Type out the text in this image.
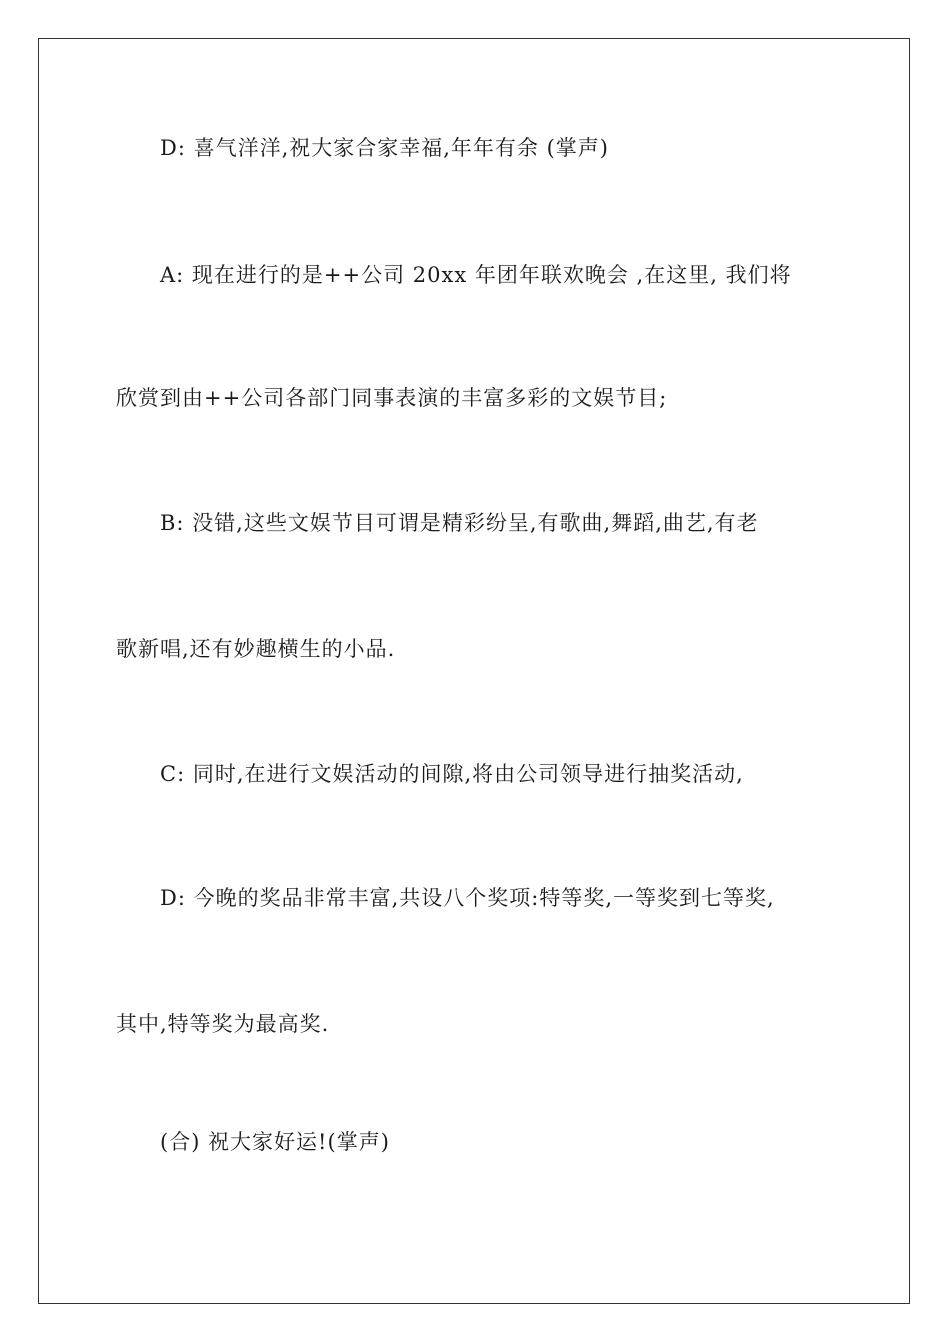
D: 喜气洋洋,祝大家合家幸福,年年有余 (掌声)
A: 现在进行的是++公司 20xx 年团年联欢晚会 ,在这里, 我们将
欣赏到由++公司各部门同事表演的丰富多彩的文娱节目;
B: 没错,这些文娱节目可谓是精彩纷呈,有歌曲,舞蹈,曲艺,有老
歌新唱,还有妙趣横生的小品.
C: 同时,在进行文娱活动的间隙,将由公司领导进行抽奖活动,
D: 今晚的奖品非常丰富,共设八个奖项:特等奖,一等奖到七等奖,
其中,特等奖为最高奖.
(合) 祝大家好运!(掌声)
